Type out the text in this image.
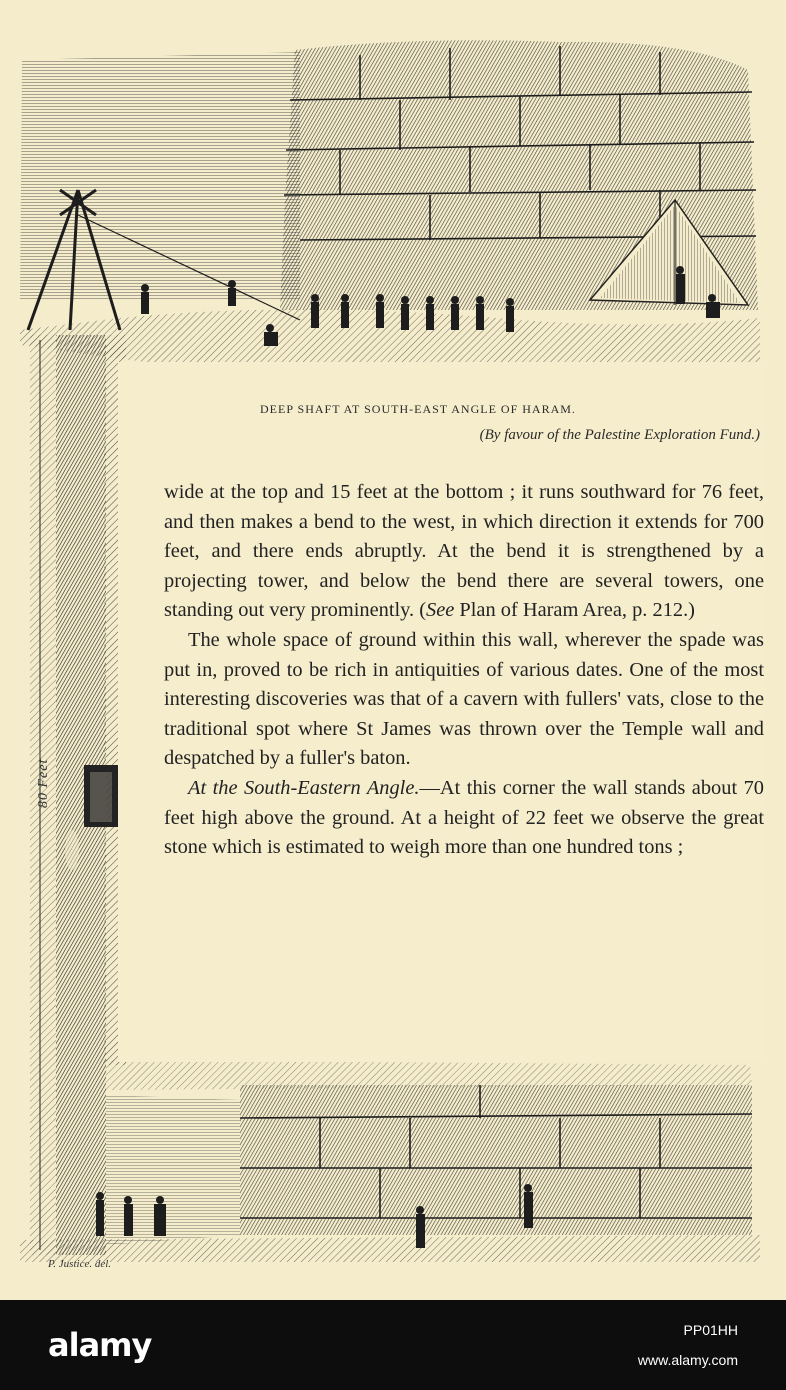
DEEP SHAFT AT SOUTH-EAST ANGLE OF HARAM.

(By favour of the Palestine Exploration Fund.)

wide at the top and 15 feet at the bottom ; it runs southward for 76 feet, and then makes a bend to the west, in which direction it extends for 700 feet, and there ends abruptly. At the bend it is strengthened by a projecting tower, and below the bend there are several towers, one standing out very prominently. (See Plan of Haram Area, p. 212.)

The whole space of ground within this wall, wherever the spade was put in, proved to be rich in antiquities of various dates. One of the most interesting discoveries was that of a cavern with fullers' vats, close to the traditional spot where St James was thrown over the Temple wall and despatched by a fuller's baton.

At the South-Eastern Angle.—At this corner the wall stands about 70 feet high above the ground. At a height of 22 feet we observe the great stone which is estimated to weigh more than one hundred tons ;

80 Feet
P. Justice. del.
alamy	PP01HH
www.alamy.com
